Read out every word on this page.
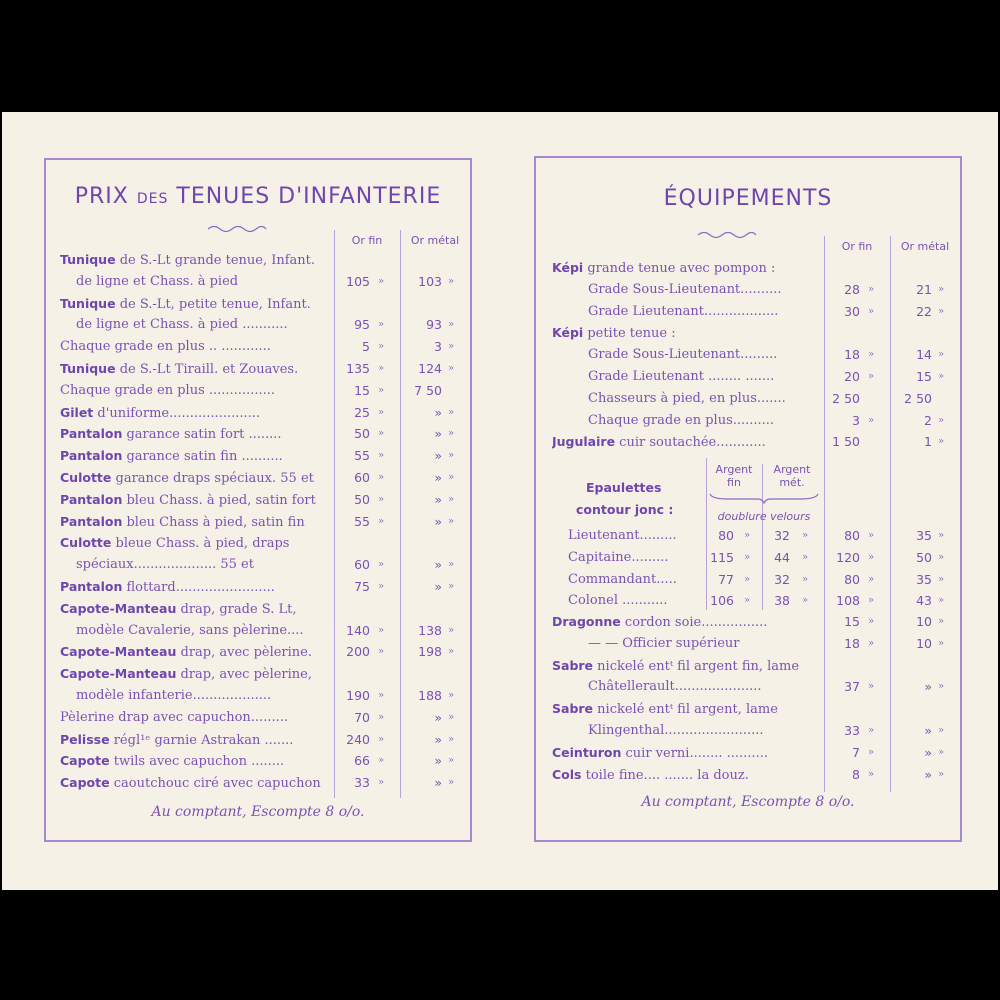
PRIX DES TENUES D'INFANTERIE
Or fin	Or métal
Tunique de S.-Lt grande tenue, Infant.
de ligne et Chass. à pied	105 »	103 »
Tunique de S.-Lt, petite tenue, Infant.
de ligne et Chass. à pied ...........	95 »	93 »
Chaque grade en plus .. ............	5 »	3 »
Tunique de S.-Lt Tiraill. et Zouaves.	135 »	124 »
Chaque grade en plus ................	15 »	7 50
Gilet d'uniforme......................	25 »	» »
Pantalon garance satin fort ........	50 »	» »
Pantalon garance satin fin ..........	55 »	» »
Culotte garance draps spéciaux. 55 et	60 »	» »
Pantalon bleu Chass. à pied, satin fort	50 »	» »
Pantalon bleu Chass à pied, satin fin	55 »	» »
Culotte bleue Chass. à pied, draps
spéciaux.................... 55 et	60 »	» »
Pantalon flottard........................	75 »	» »
Capote-Manteau drap, grade S. Lt,
modèle Cavalerie, sans pèlerine....	140 »	138 »
Capote-Manteau drap, avec pèlerine.	200 »	198 »
Capote-Manteau drap, avec pèlerine,
modèle infanterie...................	190 »	188 »
Pèlerine drap avec capuchon.........	70 »	» »
Pelisse régl¹ᵉ garnie Astrakan .......	240 »	» »
Capote twils avec capuchon ........	66 »	» »
Capote caoutchouc ciré avec capuchon	33 »	» »
Au comptant, Escompte 8 o/o.
ÉQUIPEMENTS
Or fin	Or métal
Képi grande tenue avec pompon :
Grade Sous-Lieutenant..........	28 »	21 »
Grade Lieutenant..................	30 »	22 »
Képi petite tenue :
Grade Sous-Lieutenant.........	18 »	14 »
Grade Lieutenant ........ .......	20 »	15 »
Chasseurs à pied, en plus.......	2 50	2 50
Chaque grade en plus..........	3 »	2 »
Jugulaire cuir soutachée............	1 50	1 »
Argent fin
Argent mét.
doublure velours
Epaulettes
contour jonc :
Lieutenant.........	80 »	32 »	80 »	35 »
Capitaine.........	115 »	44 »	120 »	50 »
Commandant.....	77 »	32 »	80 »	35 »
Colonel ...........	106 »	38 »	108 »	43 »
Dragonne cordon soie................	15 »	10 »
— — Officier supérieur	18 »	10 »
Sabre nickelé entᵗ fil argent fin, lame
Châtellerault.....................	37 »	» »
Sabre nickelé entᵗ fil argent, lame
Klingenthal........................	33 »	» »
Ceinturon cuir verni........ ..........	7 »	» »
Cols toile fine.... ....... la douz.	8 »	» »
Au comptant, Escompte 8 o/o.
